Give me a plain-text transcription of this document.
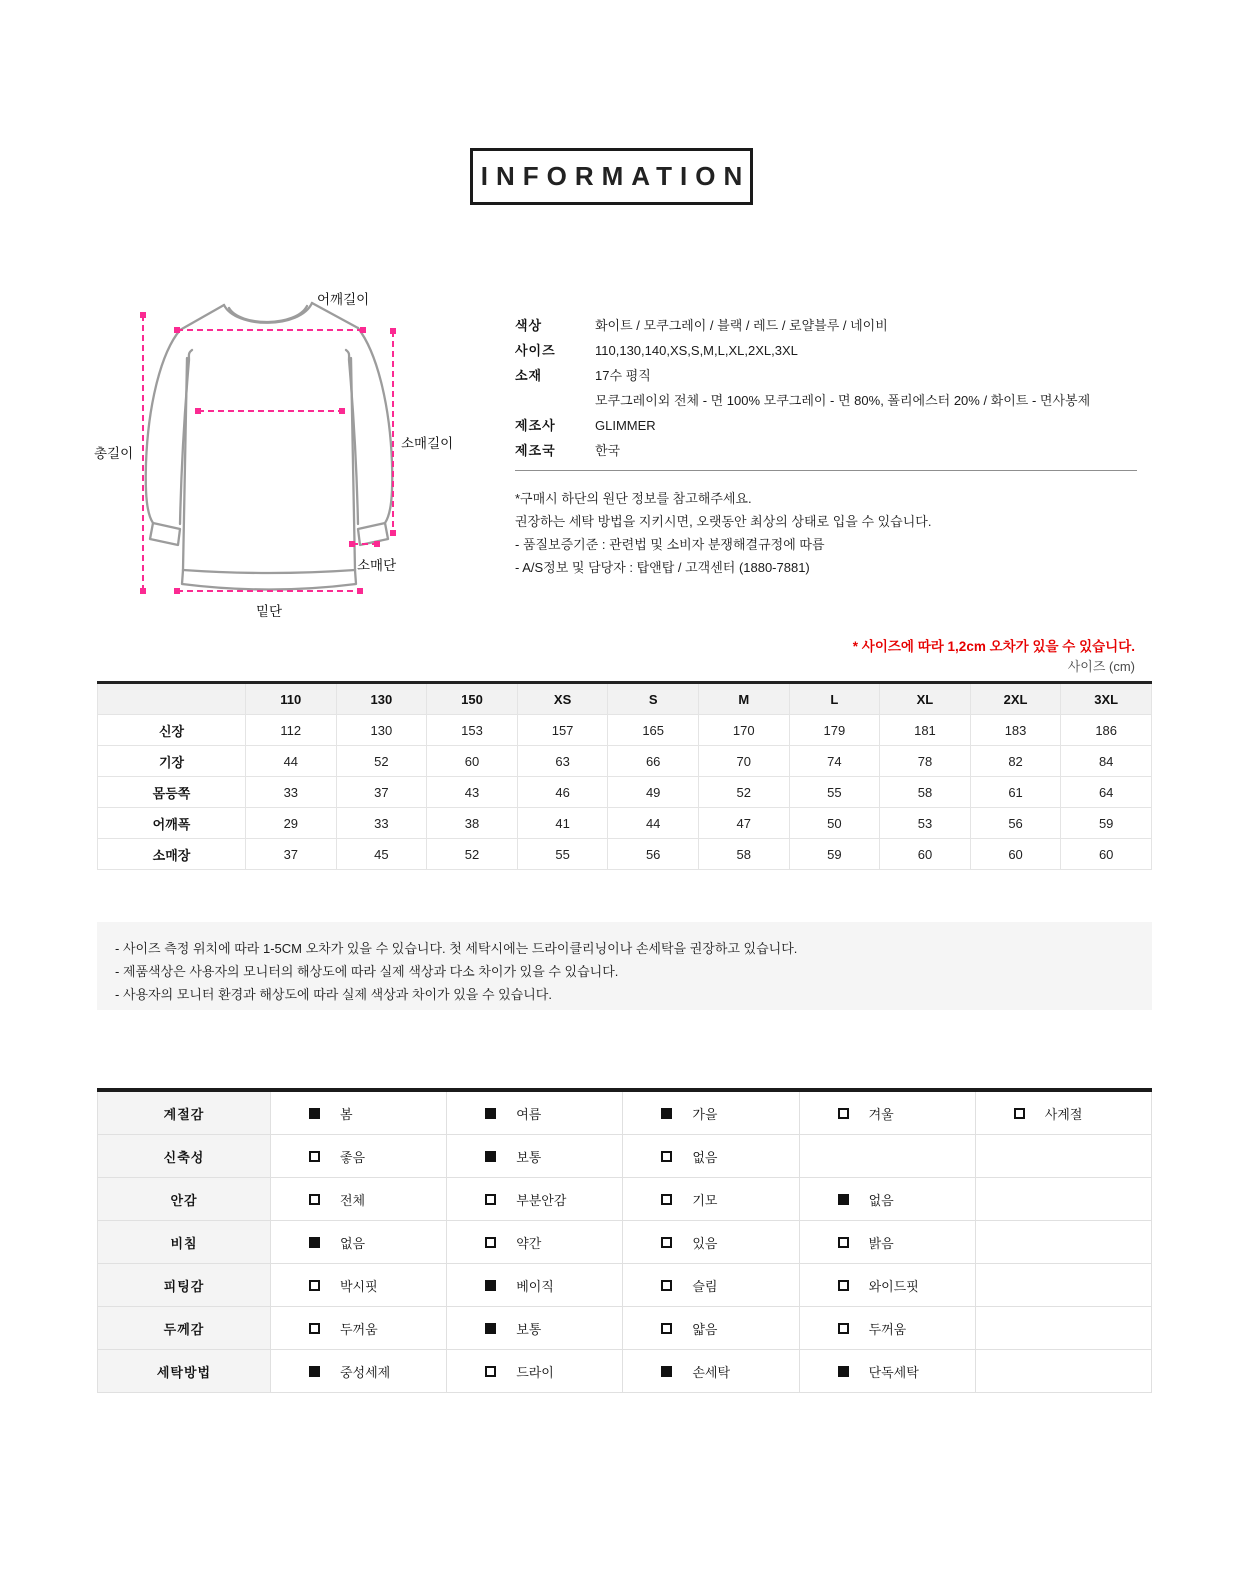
INFORMATION
어깨길이
총길이
소매길이
소매단
밑단
색상	화이트 / 모쿠그레이 / 블랙 / 레드 / 로얄블루 / 네이비
사이즈	110,130,140,XS,S,M,L,XL,2XL,3XL
소재	17수 평직
모쿠그레이외 전체 - 면 100% 모쿠그레이 - 면 80%, 폴리에스터 20% / 화이트 - 면사봉제
제조사	GLIMMER
제조국	한국
*구매시 하단의 원단 정보를 참고해주세요.
권장하는 세탁 방법을 지키시면, 오랫동안 최상의 상태로 입을 수 있습니다.
- 품질보증기준 : 관련법 및 소비자 분쟁해결규정에 따름
- A/S정보 및 담당자 : 탑앤탑 / 고객센터 (1880-7881)
* 사이즈에 따라 1,2cm 오차가 있을 수 있습니다.
사이즈 (cm)
	110	130	150	XS	S	M	L	XL	2XL	3XL
신장	112	130	153	157	165	170	179	181	183	186
기장	44	52	60	63	66	70	74	78	82	84
몸등쪽	33	37	43	46	49	52	55	58	61	64
어깨폭	29	33	38	41	44	47	50	53	56	59
소매장	37	45	52	55	56	58	59	60	60	60
- 사이즈 측정 위치에 따라 1-5CM 오차가 있을 수 있습니다. 첫 세탁시에는 드라이클리닝이나 손세탁을 권장하고 있습니다.
- 제품색상은 사용자의 모니터의 해상도에 따라 실제 색상과 다소 차이가 있을 수 있습니다.
- 사용자의 모니터 환경과 해상도에 따라 실제 색상과 차이가 있을 수 있습니다.
계절감	봄	여름	가을	겨울	사계절

신축성	좋음	보통	없음		

안감	전체	부분안감	기모	없음	

비침	없음	약간	있음	밝음	

피팅감	박시핏	베이직	슬림	와이드핏	

두께감	두꺼움	보통	얇음	두꺼움	

세탁방법	중성세제	드라이	손세탁	단독세탁	
